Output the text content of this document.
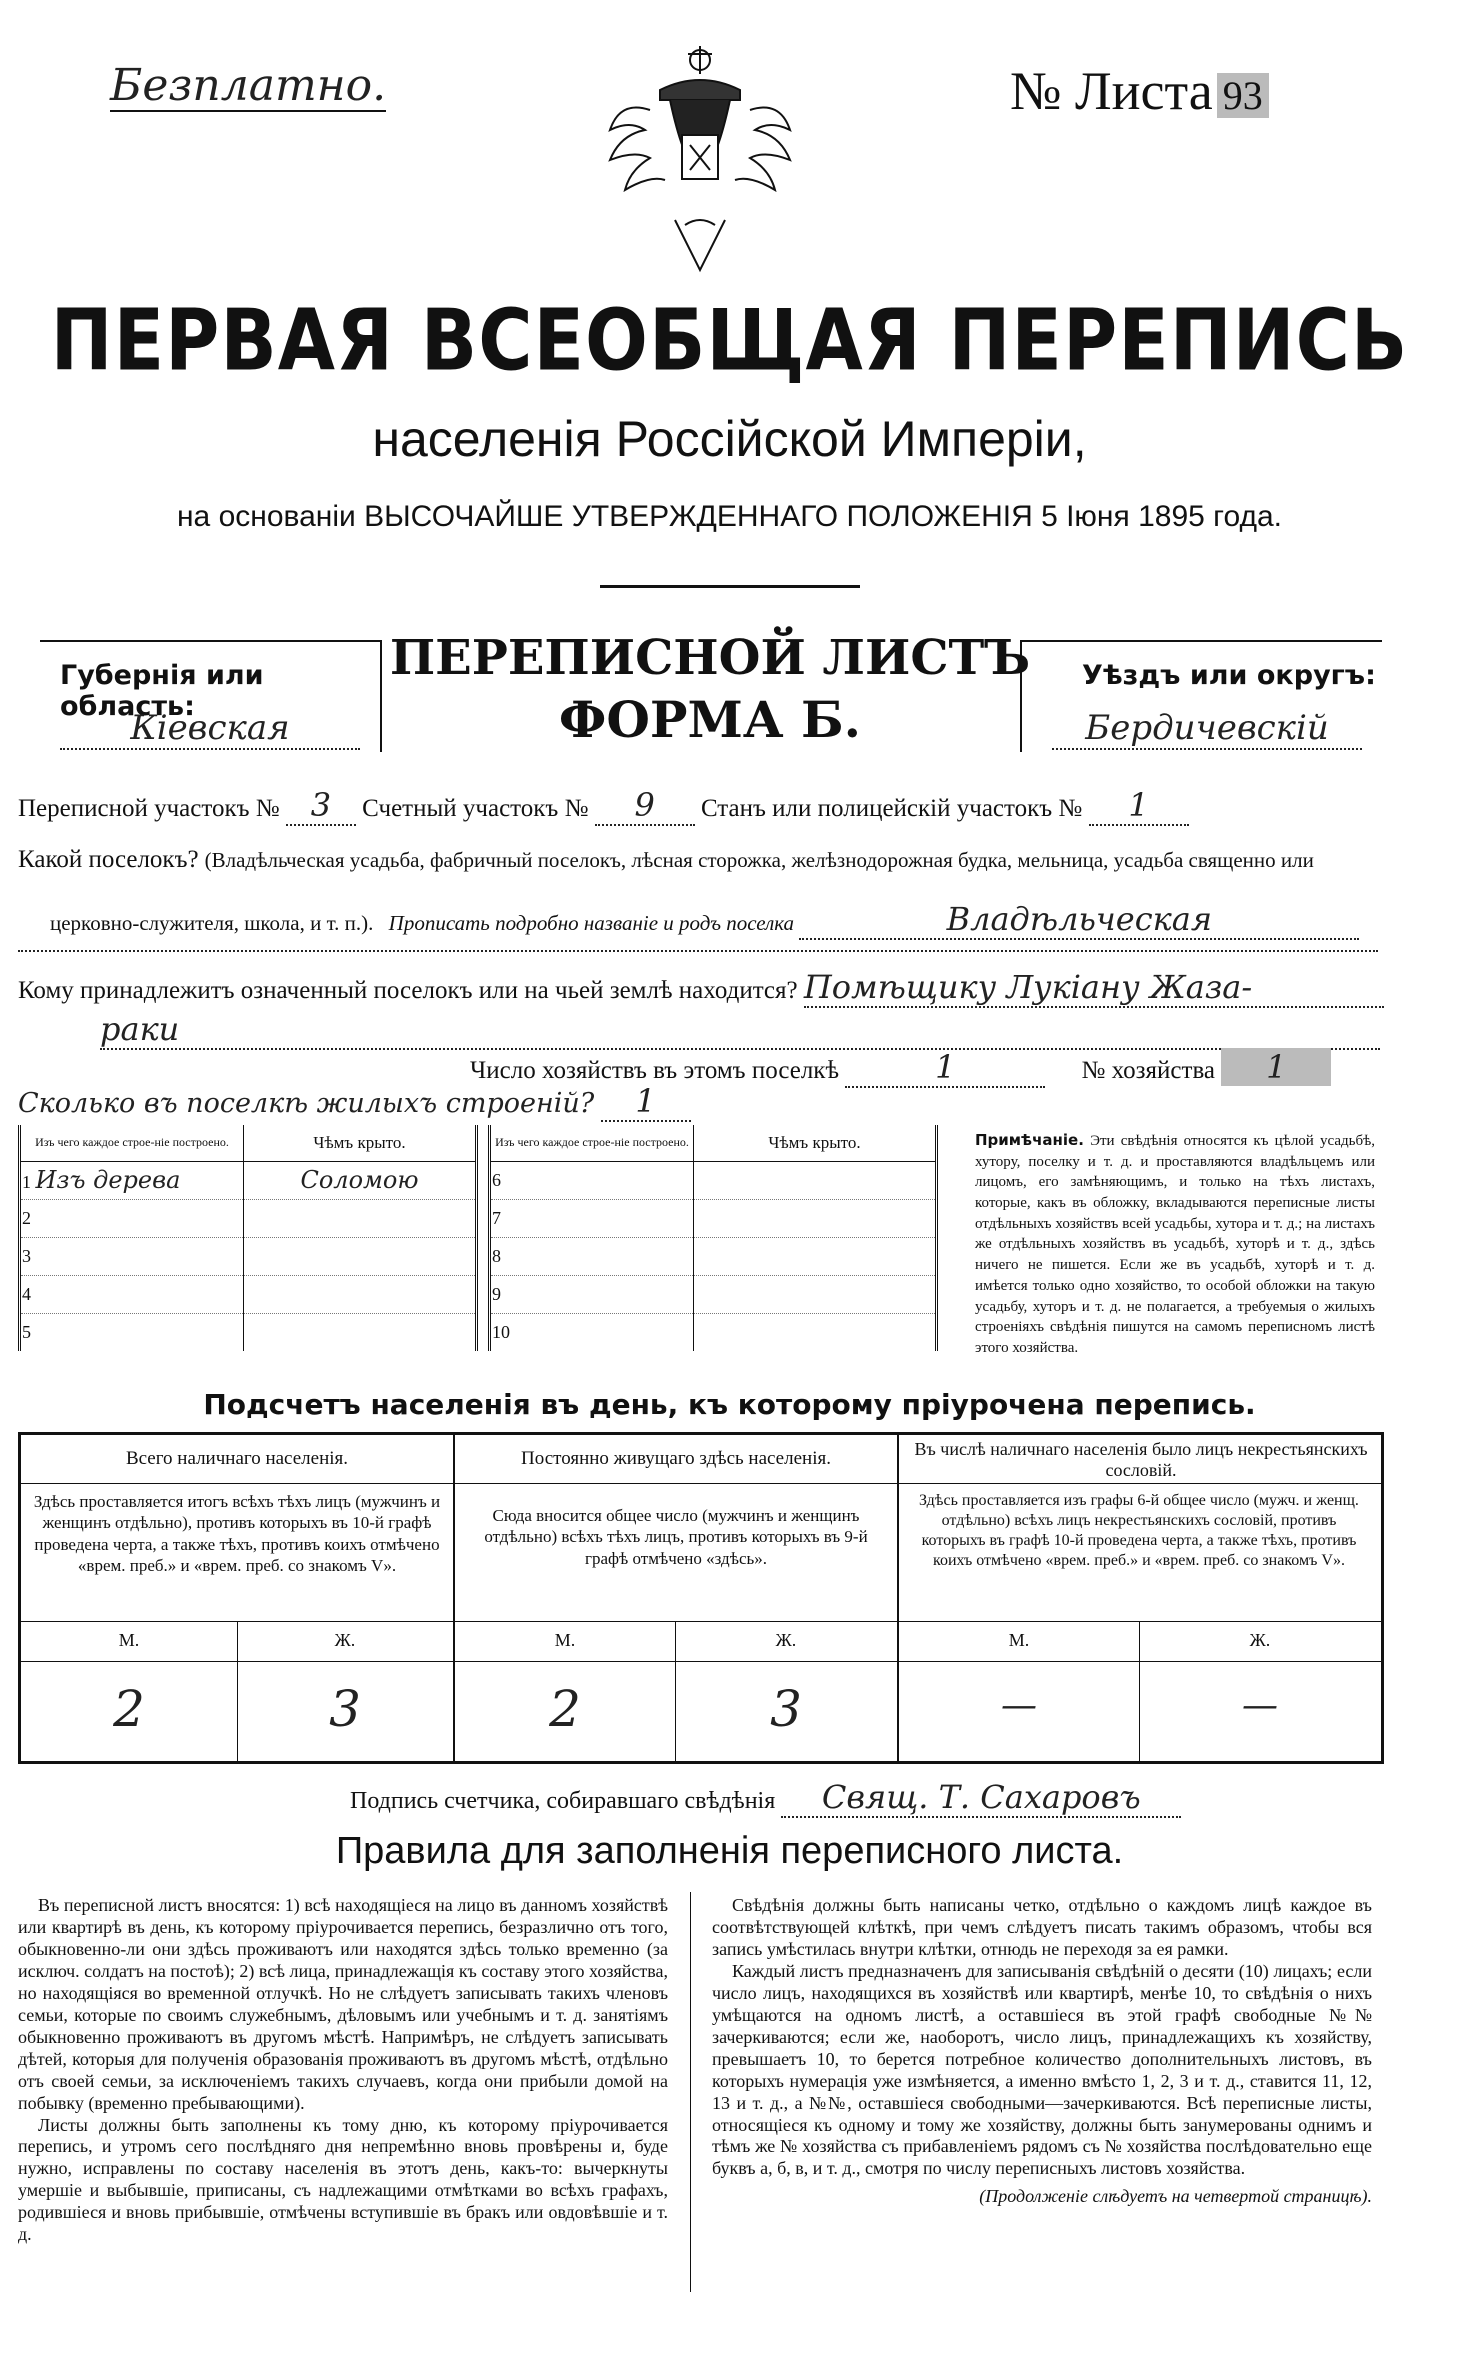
Безплатно.	№ Листа 93
ПЕРВАЯ ВСЕОБЩАЯ ПЕРЕПИСЬ
населенія Россійской Имперіи,
на основаніи ВЫСОЧАЙШЕ УТВЕРЖДЕННАГО ПОЛОЖЕНІЯ 5 Іюня 1895 года.
Губернія или область:
Кіевская
ПЕРЕПИСНОЙ ЛИСТЪ
ФОРМА Б.
Уѣздъ или округъ:
Бердичевскій
Переписной участокъ № 3 Счетный участокъ № 9 Станъ или полицейскій участокъ № 1
Какой поселокъ? (Владѣльческая усадьба, фабричный поселокъ, лѣсная сторожка, желѣзнодорожная будка, мельница, усадьба священно или
церковно-служителя, школа, и т. п.). Прописать подробно названіе и родъ поселка	Владѣльческая
Кому принадлежитъ означенный поселокъ или на чьей землѣ находится? Помѣщику Лукіану Жаза-
раки
Число хозяйствъ въ этомъ поселкѣ	1	№ хозяйства 1
Сколько въ поселкѣ жилыхъ строеній? 1
Изъ чего каждое строе-ніе построено.	Чѣмъ крыто.
1 Изъ дерева	Соломою
2	
3	
4	
5	
Изъ чего каждое строе-ніе построено.	Чѣмъ крыто.
6	
7	
8	
9	
10	
Примѣчаніе. Эти свѣдѣнія относятся къ цѣлой усадьбѣ, хутору, поселку и т. д. и проставляются владѣльцемъ или лицомъ, его замѣняющимъ, и только на тѣхъ листахъ, которые, какъ въ обложку, вкладываются переписные листы отдѣльныхъ хозяйствъ всей усадьбы, хутора и т. д.; на листахъ же отдѣльныхъ хозяйствъ въ усадьбѣ, хуторѣ и т. д., здѣсь ничего не пишется. Если же въ усадьбѣ, хуторѣ и т. д. имѣется только одно хозяйство, то особой обложки на такую усадьбу, хуторъ и т. д. не полагается, а требуемыя о жилыхъ строеніяхъ свѣдѣнія пишутся на самомъ переписномъ листѣ этого хозяйства.
Подсчетъ населенія въ день, къ которому пріурочена перепись.
Всего наличнаго населенія.
Здѣсь проставляется итогъ всѣхъ тѣхъ лицъ (мужчинъ и женщинъ отдѣльно), противъ которыхъ въ 10-й графѣ проведена черта, а также тѣхъ, противъ коихъ отмѣчено «врем. преб.» и «врем. преб. со знакомъ V».
М.	Ж.
2	3
Постоянно живущаго здѣсь населенія.
Сюда вносится общее число (мужчинъ и женщинъ отдѣльно) всѣхъ тѣхъ лицъ, противъ которыхъ въ 9-й графѣ отмѣчено «здѣсь».
М.	Ж.
2	3
Въ числѣ наличнаго населенія было лицъ некрестьянскихъ сословій.
Здѣсь проставляется изъ графы 6-й общее число (мужч. и женщ. отдѣльно) всѣхъ лицъ некрестьянскихъ сословій, противъ которыхъ въ графѣ 10-й проведена черта, а также тѣхъ, противъ коихъ отмѣчено «врем. преб.» и «врем. преб. со знакомъ V».
М.	Ж.
—	—
Подпись счетчика, собиравшаго свѣдѣнія Свящ. Т. Сахаровъ
Правила для заполненія переписного листа.
Въ переписной листъ вносятся: 1) всѣ находящіеся на лицо въ данномъ хозяйствѣ или квартирѣ въ день, къ которому пріурочивается перепись, безразлично отъ того, обыкновенно-ли они здѣсь проживаютъ или находятся здѣсь только временно (за исключ. солдатъ на постоѣ); 2) всѣ лица, принадлежащія къ составу этого хозяйства, но находящіяся во временной отлучкѣ. Но не слѣдуетъ записывать такихъ членовъ семьи, которые по своимъ служебнымъ, дѣловымъ или учебнымъ и т. д. занятіямъ обыкновенно проживаютъ въ другомъ мѣстѣ. Напримѣръ, не слѣдуетъ записывать дѣтей, которыя для полученія образованія проживаютъ въ другомъ мѣстѣ, отдѣльно отъ своей семьи, за исключеніемъ такихъ случаевъ, когда они прибыли домой на побывку (временно пребывающими).
Листы должны быть заполнены къ тому дню, къ которому пріурочивается перепись, и утромъ сего послѣдняго дня непремѣнно вновь провѣрены и, буде нужно, исправлены по составу населенія въ этотъ день, какъ-то: вычеркнуты умершіе и выбывшіе, приписаны, съ надлежащими отмѣтками во всѣхъ графахъ, родившіеся и вновь прибывшіе, отмѣчены вступившіе въ бракъ или овдовѣвшіе и т. д.
Свѣдѣнія должны быть написаны четко, отдѣльно о каждомъ лицѣ каждое въ соотвѣтствующей клѣткѣ, при чемъ слѣдуетъ писать такимъ образомъ, чтобы вся запись умѣстилась внутри клѣтки, отнюдь не переходя за ея рамки.
Каждый листъ предназначенъ для записыванія свѣдѣній о десяти (10) лицахъ; если число лицъ, находящихся въ хозяйствѣ или квартирѣ, менѣе 10, то свѣдѣнія о нихъ умѣщаются на одномъ листѣ, а оставшіеся въ этой графѣ свободные №№ зачеркиваются; если же, наоборотъ, число лицъ, принадлежащихъ къ хозяйству, превышаетъ 10, то берется потребное количество дополнительныхъ листовъ, въ которыхъ нумерація уже измѣняется, а именно вмѣсто 1, 2, 3 и т. д., ставится 11, 12, 13 и т. д., а №№, оставшіеся свободными—зачеркиваются. Всѣ переписные листы, относящіеся къ одному и тому же хозяйству, должны быть занумерованы однимъ и тѣмъ же № хозяйства съ прибавленіемъ рядомъ съ № хозяйства послѣдовательно еще буквъ а, б, в, и т. д., смотря по числу переписныхъ листовъ хозяйства.
(Продолженіе слѣдуетъ на четвертой страницѣ).
